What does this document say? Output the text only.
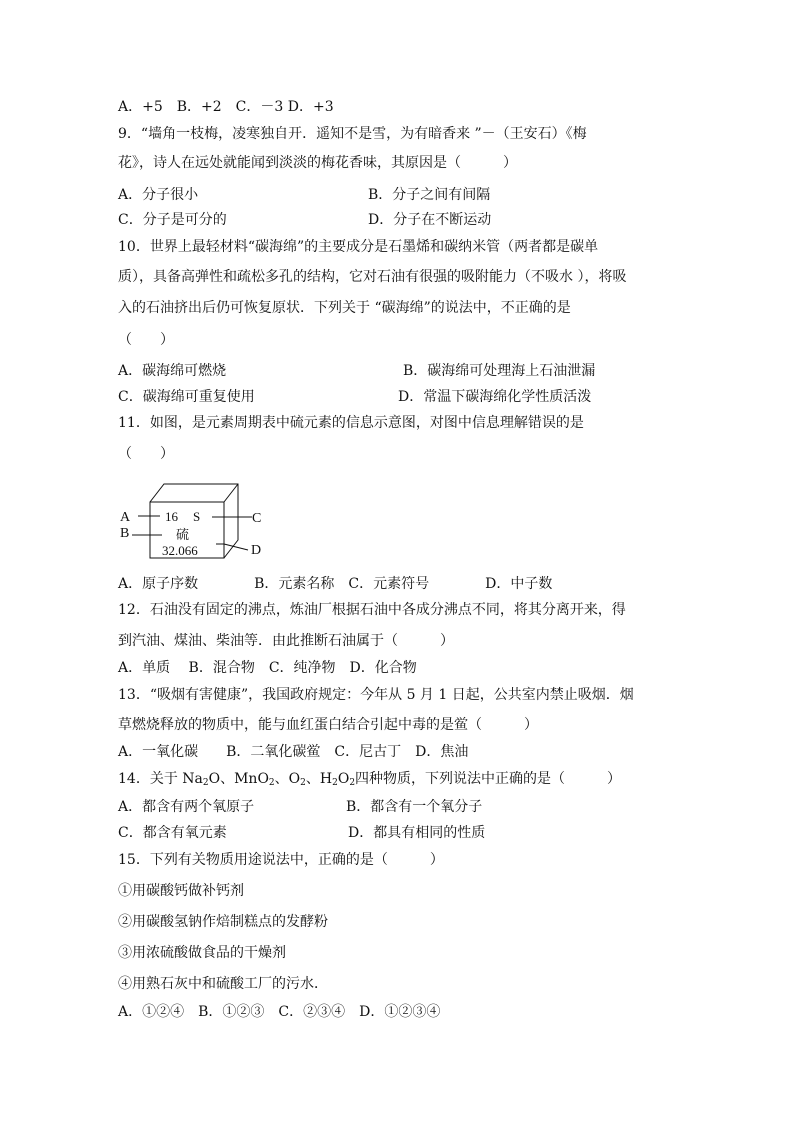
A．+5　B．+2　C．－3 D．+3
9．“墙角一枝梅，凌寒独自开．遥知不是雪，为有暗香来 ”－（王安石）《梅
花》，诗人在远处就能闻到淡淡的梅花香味，其原因是（　　　）
A．分子很小	B．分子之间有间隔
C．分子是可分的	D．分子在不断运动
10．世界上最轻材料“碳海绵”的主要成分是石墨烯和碳纳米管（两者都是碳单
质），具备高弹性和疏松多孔的结构，它对石油有很强的吸附能力（不吸水 ），将吸
入的石油挤出后仍可恢复原状．下列关于 “碳海绵”的说法中，不正确的是
（　　）
A．碳海绵可燃烧	B．碳海绵可处理海上石油泄漏
C．碳海绵可重复使用	D．常温下碳海绵化学性质活泼
11．如图，是元素周期表中硫元素的信息示意图，对图中信息理解错误的是
（　　）
A
B
C
D
16 S
硫
32.066
A．原子序数　　　　B．元素名称　C．元素符号　　　　D．中子数
12．石油没有固定的沸点，炼油厂根据石油中各成分沸点不同，将其分离开来，得
到汽油、煤油、柴油等．由此推断石油属于（　　　）
A．单质　 B．混合物　C．纯净物　D．化合物
13．“吸烟有害健康”，我国政府规定：今年从 5 月 1 日起，公共室内禁止吸烟．烟
草燃烧释放的物质中，能与血红蛋白结合引起中毒的是鲎（　　　）
A．一氧化碳　　B．二氧化碳鲎　C．尼古丁　D．焦油
14．关于 $Na_2O$、MnO$_2$、$O_2$、$H_2O_2$四种物质，下列说法中正确的是（　　　）
A．都含有两个氧原子	B．都含有一个氧分子
C．都含有氧元素	D．都具有相同的性质
15．下列有关物质用途说法中，正确的是（　　　）
①用碳酸钙做补钙剂
②用碳酸氢钠作焙制糕点的发酵粉
③用浓硫酸做食品的干燥剂
④用熟石灰中和硫酸工厂的污水．
A．①②④　B．①②③　C．②③④　D．①②③④
